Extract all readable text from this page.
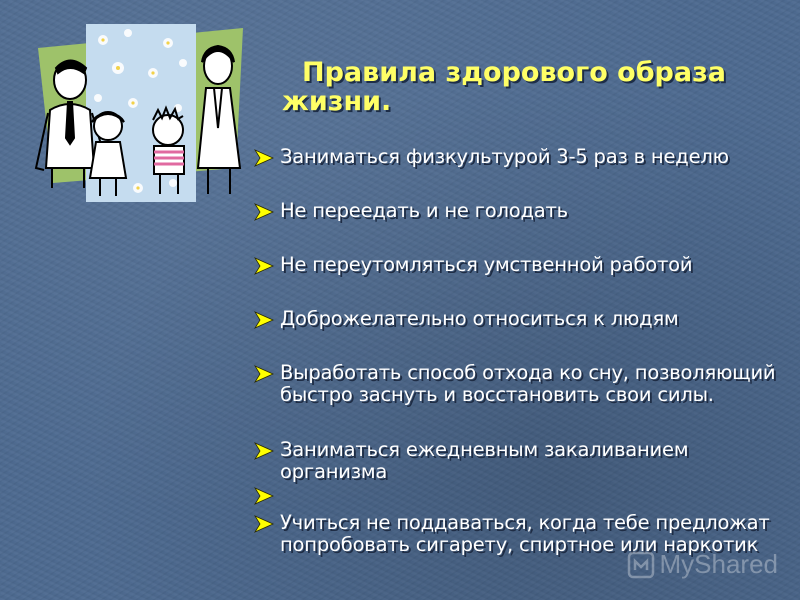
Правила здорового образа
жизни.
Заниматься физкультурой 3-5 раз в неделю
Не переедать и не голодать
Не переутомляться умственной работой
Доброжелательно относиться к людям
Выработать способ отхода ко сну, позволяющий быстро заснуть и восстановить свои силы.
Заниматься ежедневным закаливанием организма
Учиться не поддаваться, когда тебе предложат попробовать сигарету, спиртное или наркотик
MyShared
